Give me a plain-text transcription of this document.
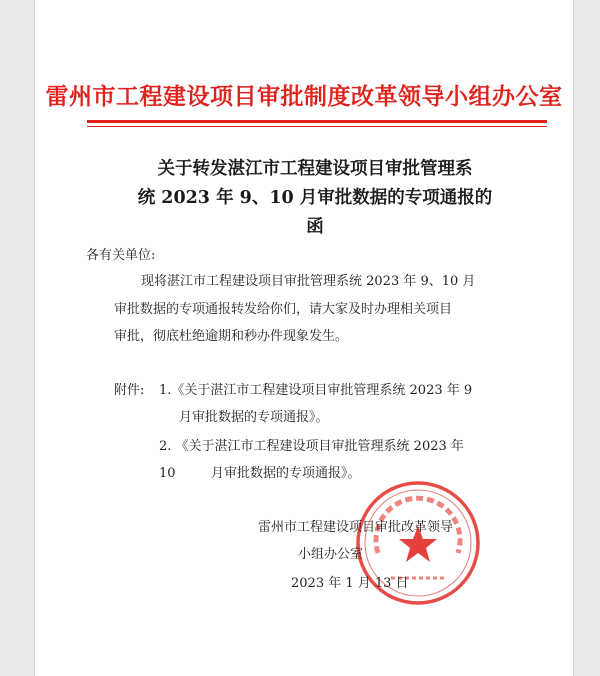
雷州市工程建设项目审批制度改革领导小组办公室
关于转发湛江市工程建设项目审批管理系
统 2023 年 9、10 月审批数据的专项通报的
函
各有关单位:
现将湛江市工程建设项目审批管理系统 2023 年 9、10 月
审批数据的专项通报转发给你们，请大家及时办理相关项目
审批，彻底杜绝逾期和秒办件现象发生。
附件: 1.《关于湛江市工程建设项目审批管理系统 2023 年 9
月审批数据的专项通报》。
2. 《关于湛江市工程建设项目审批管理系统 2023 年
10	月审批数据的专项通报》。
雷州市工程建设项目审批改革领导
小组办公室
2023 年 1 月 13 日
